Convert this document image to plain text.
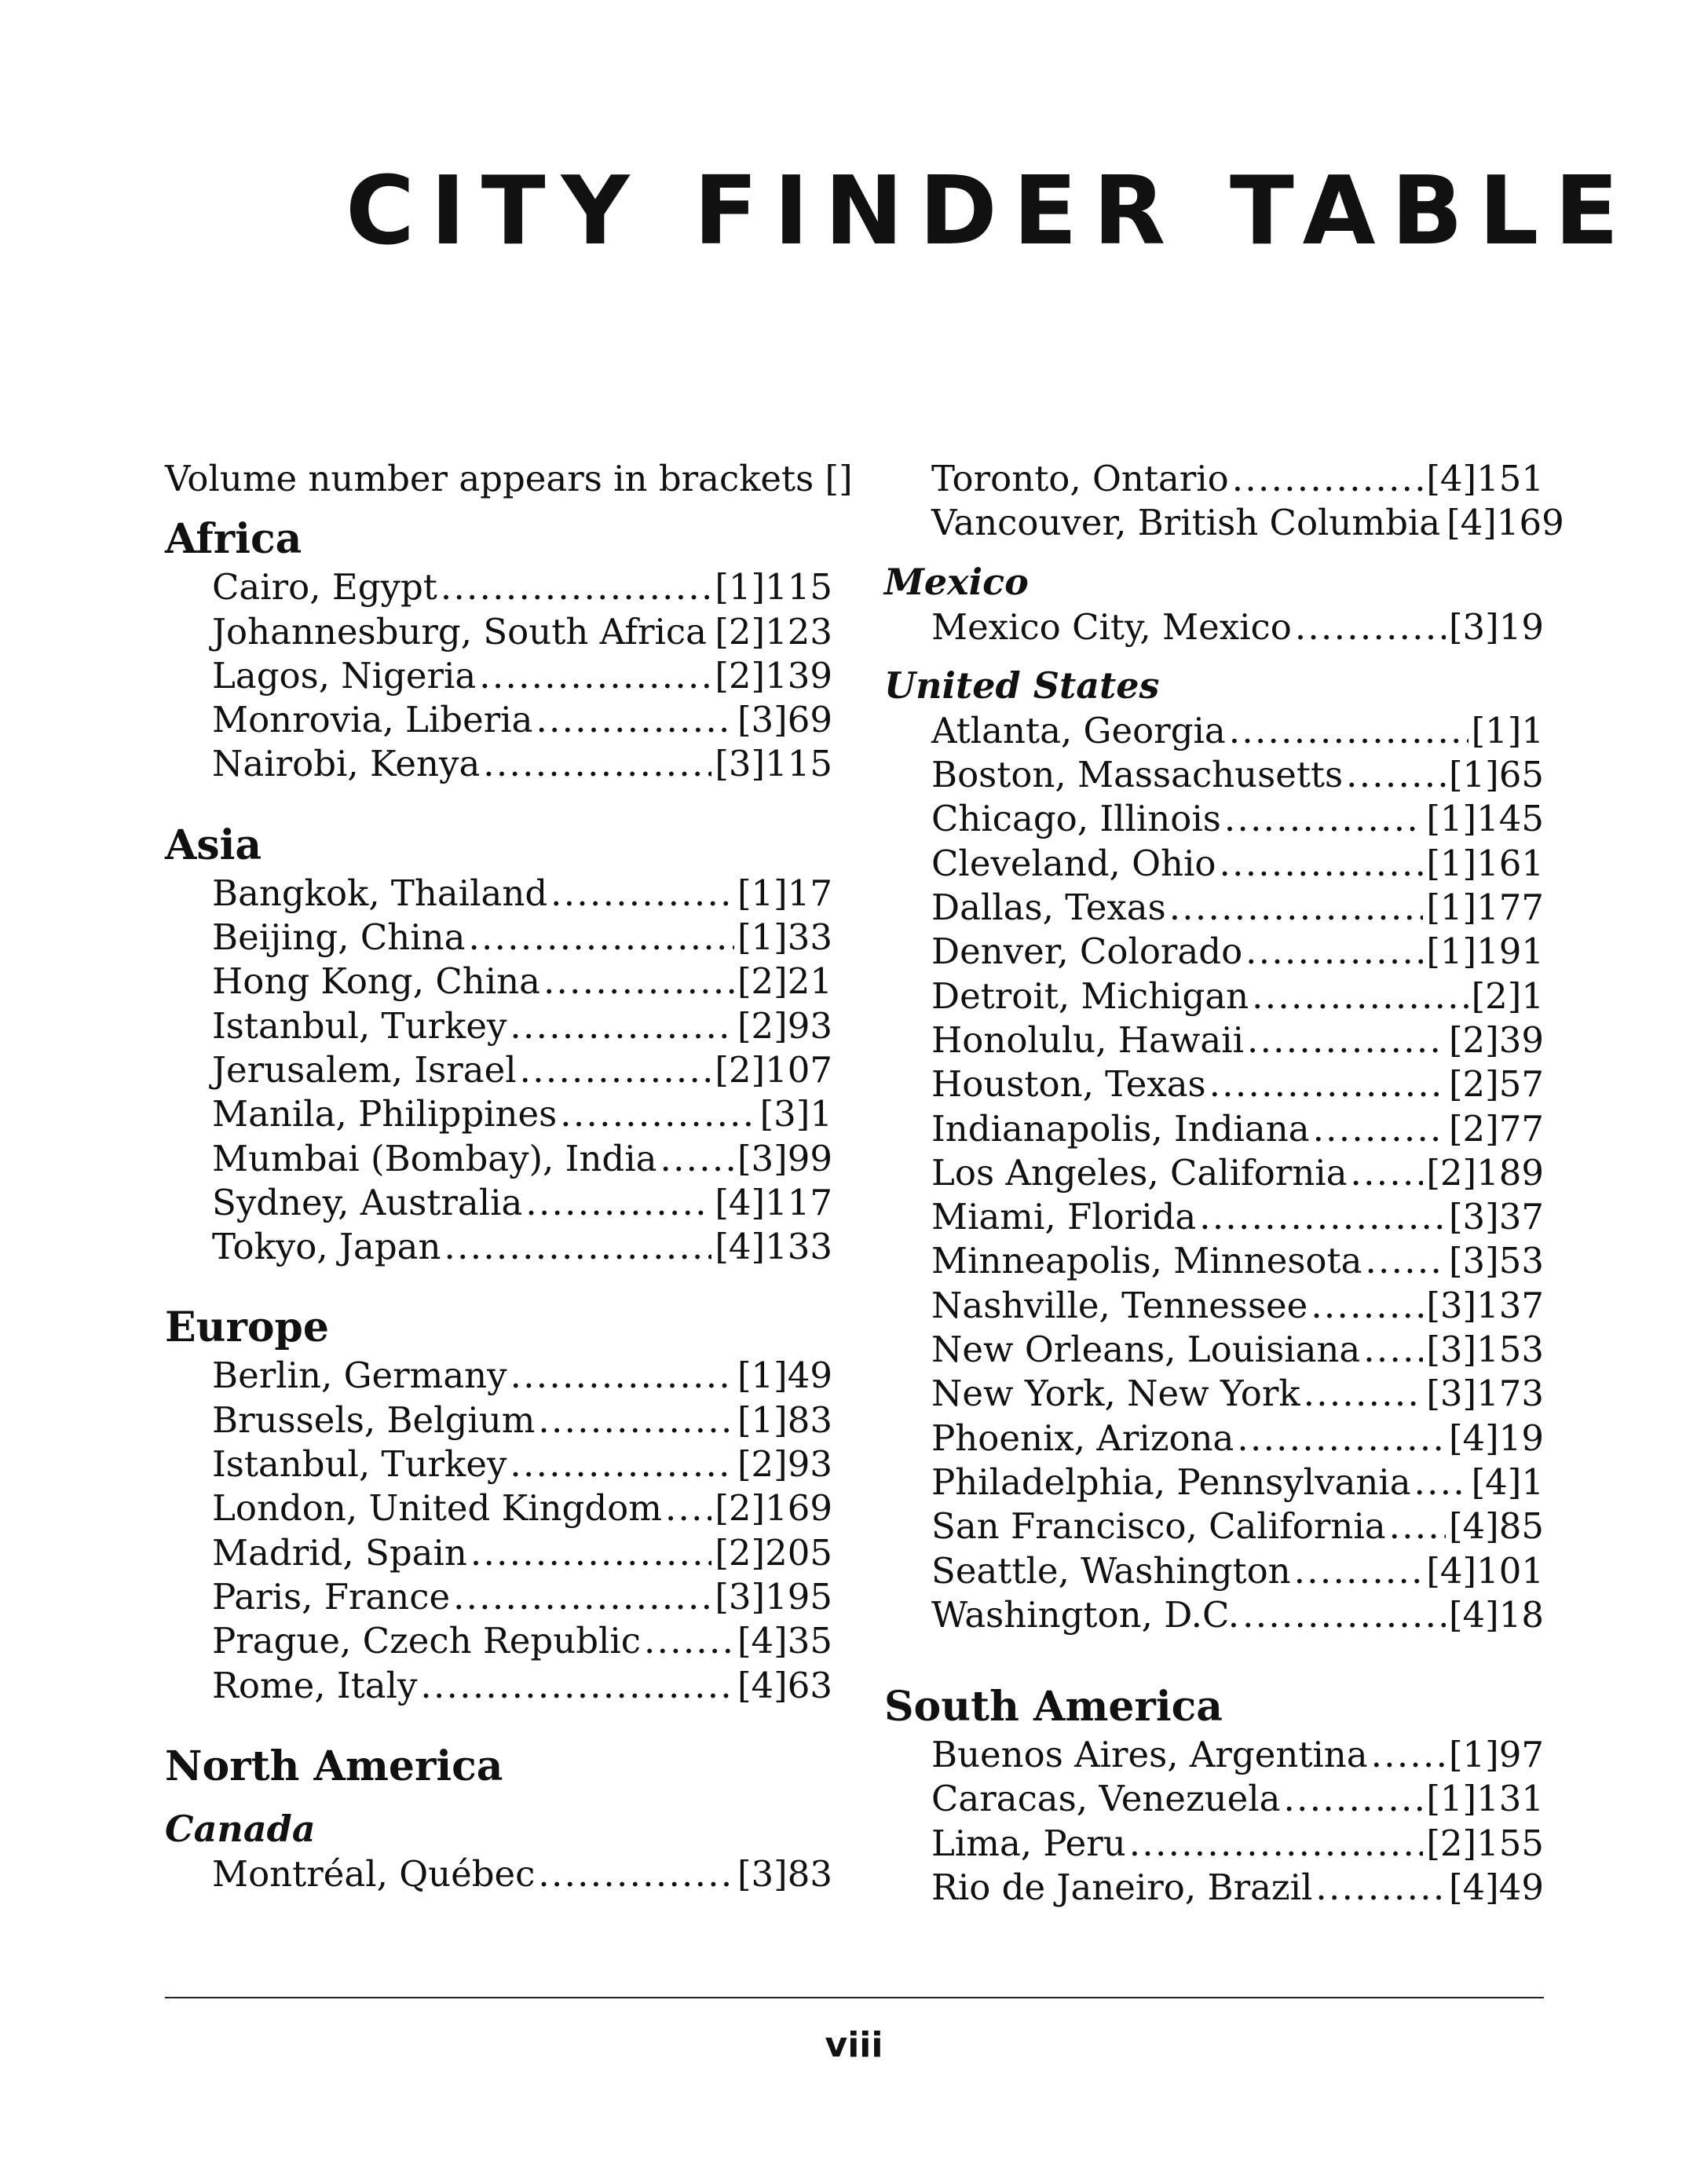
CITY FINDER TABLE

Volume number appears in brackets []

Africa
Cairo, Egypt . . .	[1]115
Johannesburg, South Africa . . . [2]123
Lagos, Nigeria . . .	[2]139
Monrovia, Liberia . . .	[3]69
Nairobi, Kenya . . .	[3]115
Asia
Bangkok, Thailand . . .	[1]17
Beijing, China . . .	[1]33
Hong Kong, China . . .	[2]21
Istanbul, Turkey . . .	[2]93
Jerusalem, Israel . . .	[2]107
Manila, Philippines . . .	[3]1
Mumbai (Bombay), India . . . [3]99
Sydney, Australia . . .	[4]117
Tokyo, Japan . . .	[4]133
Europe
Berlin, Germany . . .	[1]49
Brussels, Belgium . . .	[1]83
Istanbul, Turkey . . .	[2]93
London, United Kingdom . . . [2]169
Madrid, Spain . . .	[2]205
Paris, France . . .	[3]195
Prague, Czech Republic . . .	[4]35
Rome, Italy . . .	[4]63
North America
Canada
Montréal, Québec . . .	[3]83
Toronto, Ontario . . .	[4]151
Vancouver, British Columbia [4]169
Mexico
Mexico City, Mexico . . .	[3]19
United States
Atlanta, Georgia . . .	[1]1
Boston, Massachusetts . . .	[1]65
Chicago, Illinois . . .	[1]145
Cleveland, Ohio . . .	[1]161
Dallas, Texas . . .	[1]177
Denver, Colorado . . .	[1]191
Detroit, Michigan . . .	[2]1
Honolulu, Hawaii . . .	[2]39
Houston, Texas . . .	[2]57
Indianapolis, Indiana . . .	[2]77
Los Angeles, California . . . [2]189
Miami, Florida . . .	[3]37
Minneapolis, Minnesota . . . [3]53
Nashville, Tennessee . . .	[3]137
New Orleans, Louisiana . . . [3]153
New York, New York . . .	[3]173
Phoenix, Arizona . . .	[4]19
Philadelphia, Pennsylvania . . . [4]1
San Francisco, California . . . [4]85
Seattle, Washington . . .	[4]101
Washington, D.C. . . .	[4]18
South America
Buenos Aires, Argentina . . . [1]97
Caracas, Venezuela . . .	[1]131
Lima, Peru . . .	[2]155
Rio de Janeiro, Brazil . . .	[4]49
viii
